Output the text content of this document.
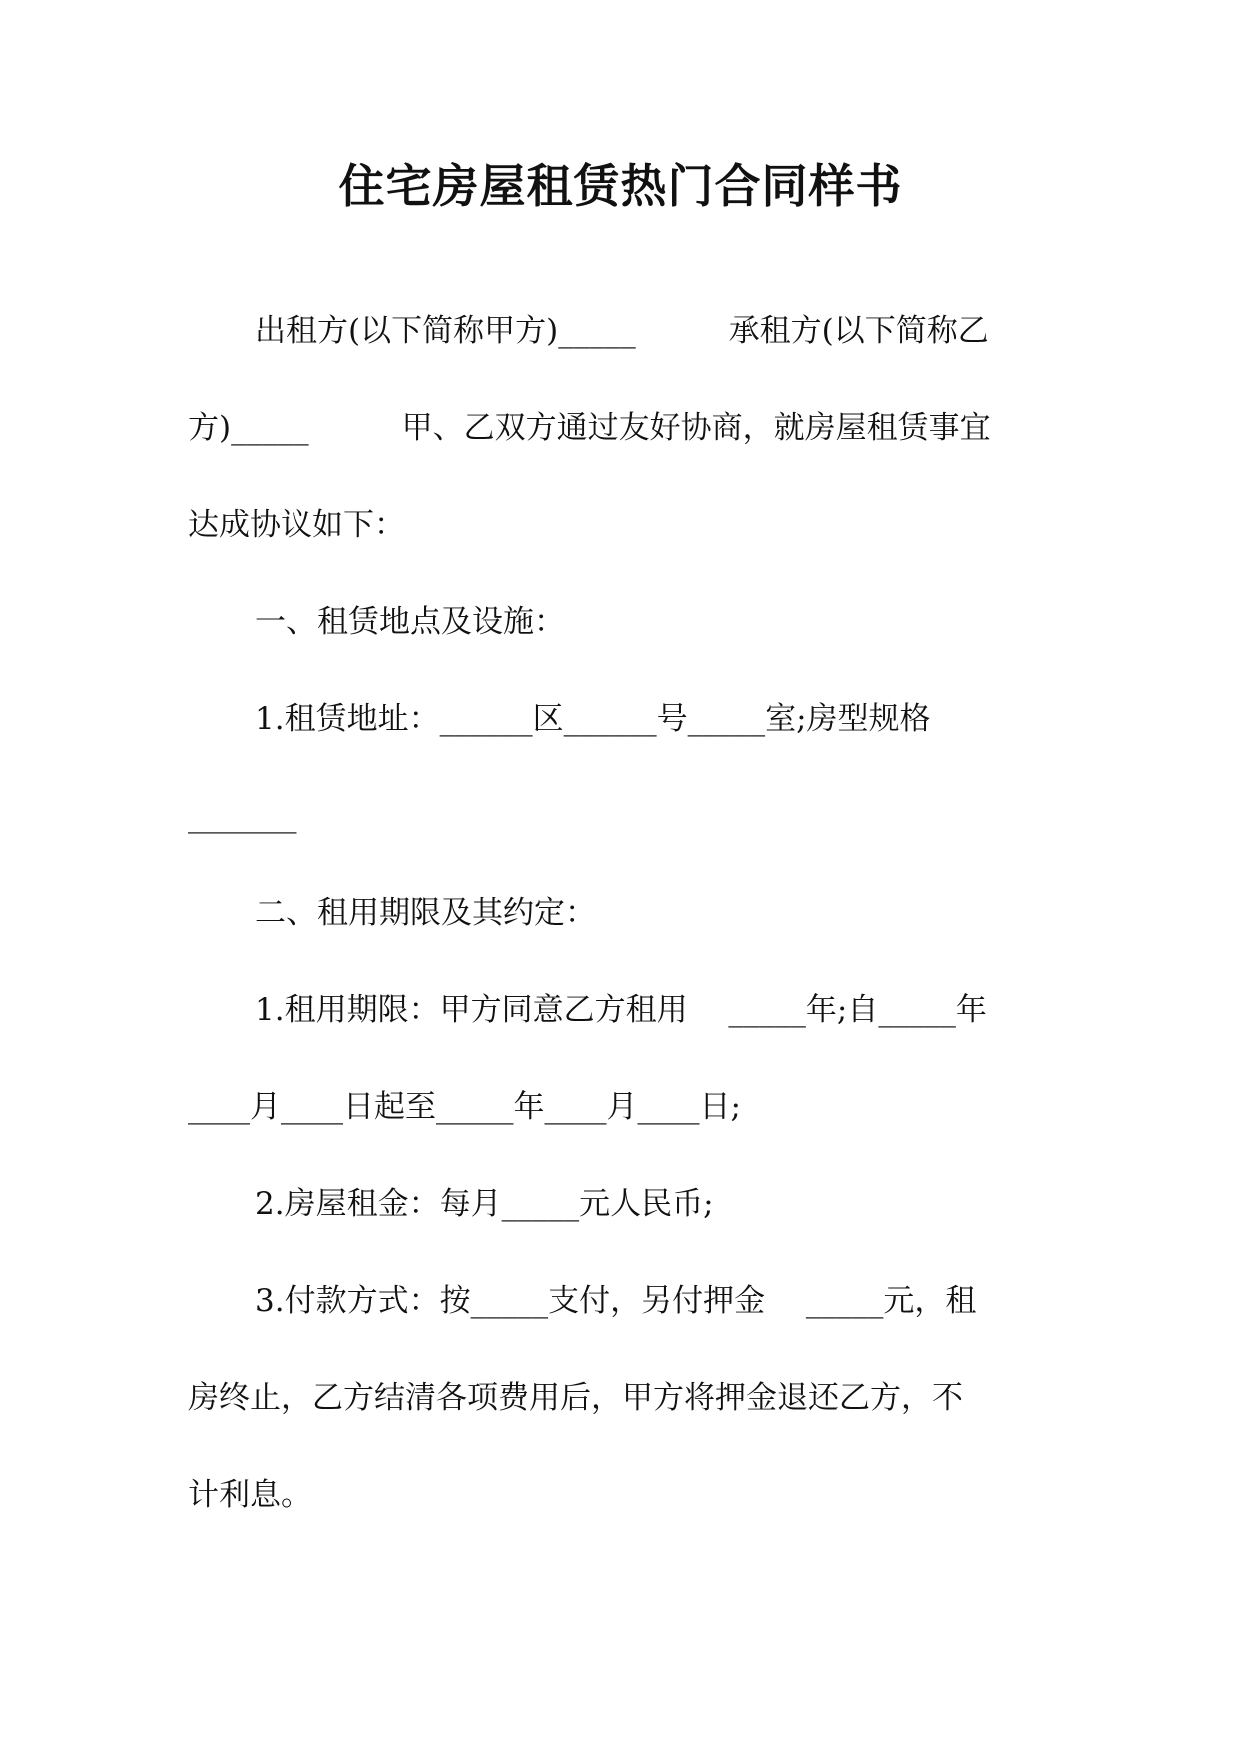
住宅房屋租赁热门合同样书

出租方(以下简称甲方)_____　　　承租方(以下简称乙

方)_____　　　甲、乙双方通过友好协商，就房屋租赁事宜

达成协议如下：

一、租赁地点及设施：

1.租赁地址：______区______号_____室;房型规格

_______

二、租用期限及其约定：

1.租用期限：甲方同意乙方租用　 _____年;自_____年

____月____日起至_____年____月____日;

2.房屋租金：每月_____元人民币;

3.付款方式：按_____支付，另付押金　 _____元，租

房终止，乙方结清各项费用后，甲方将押金退还乙方，不

计利息。
